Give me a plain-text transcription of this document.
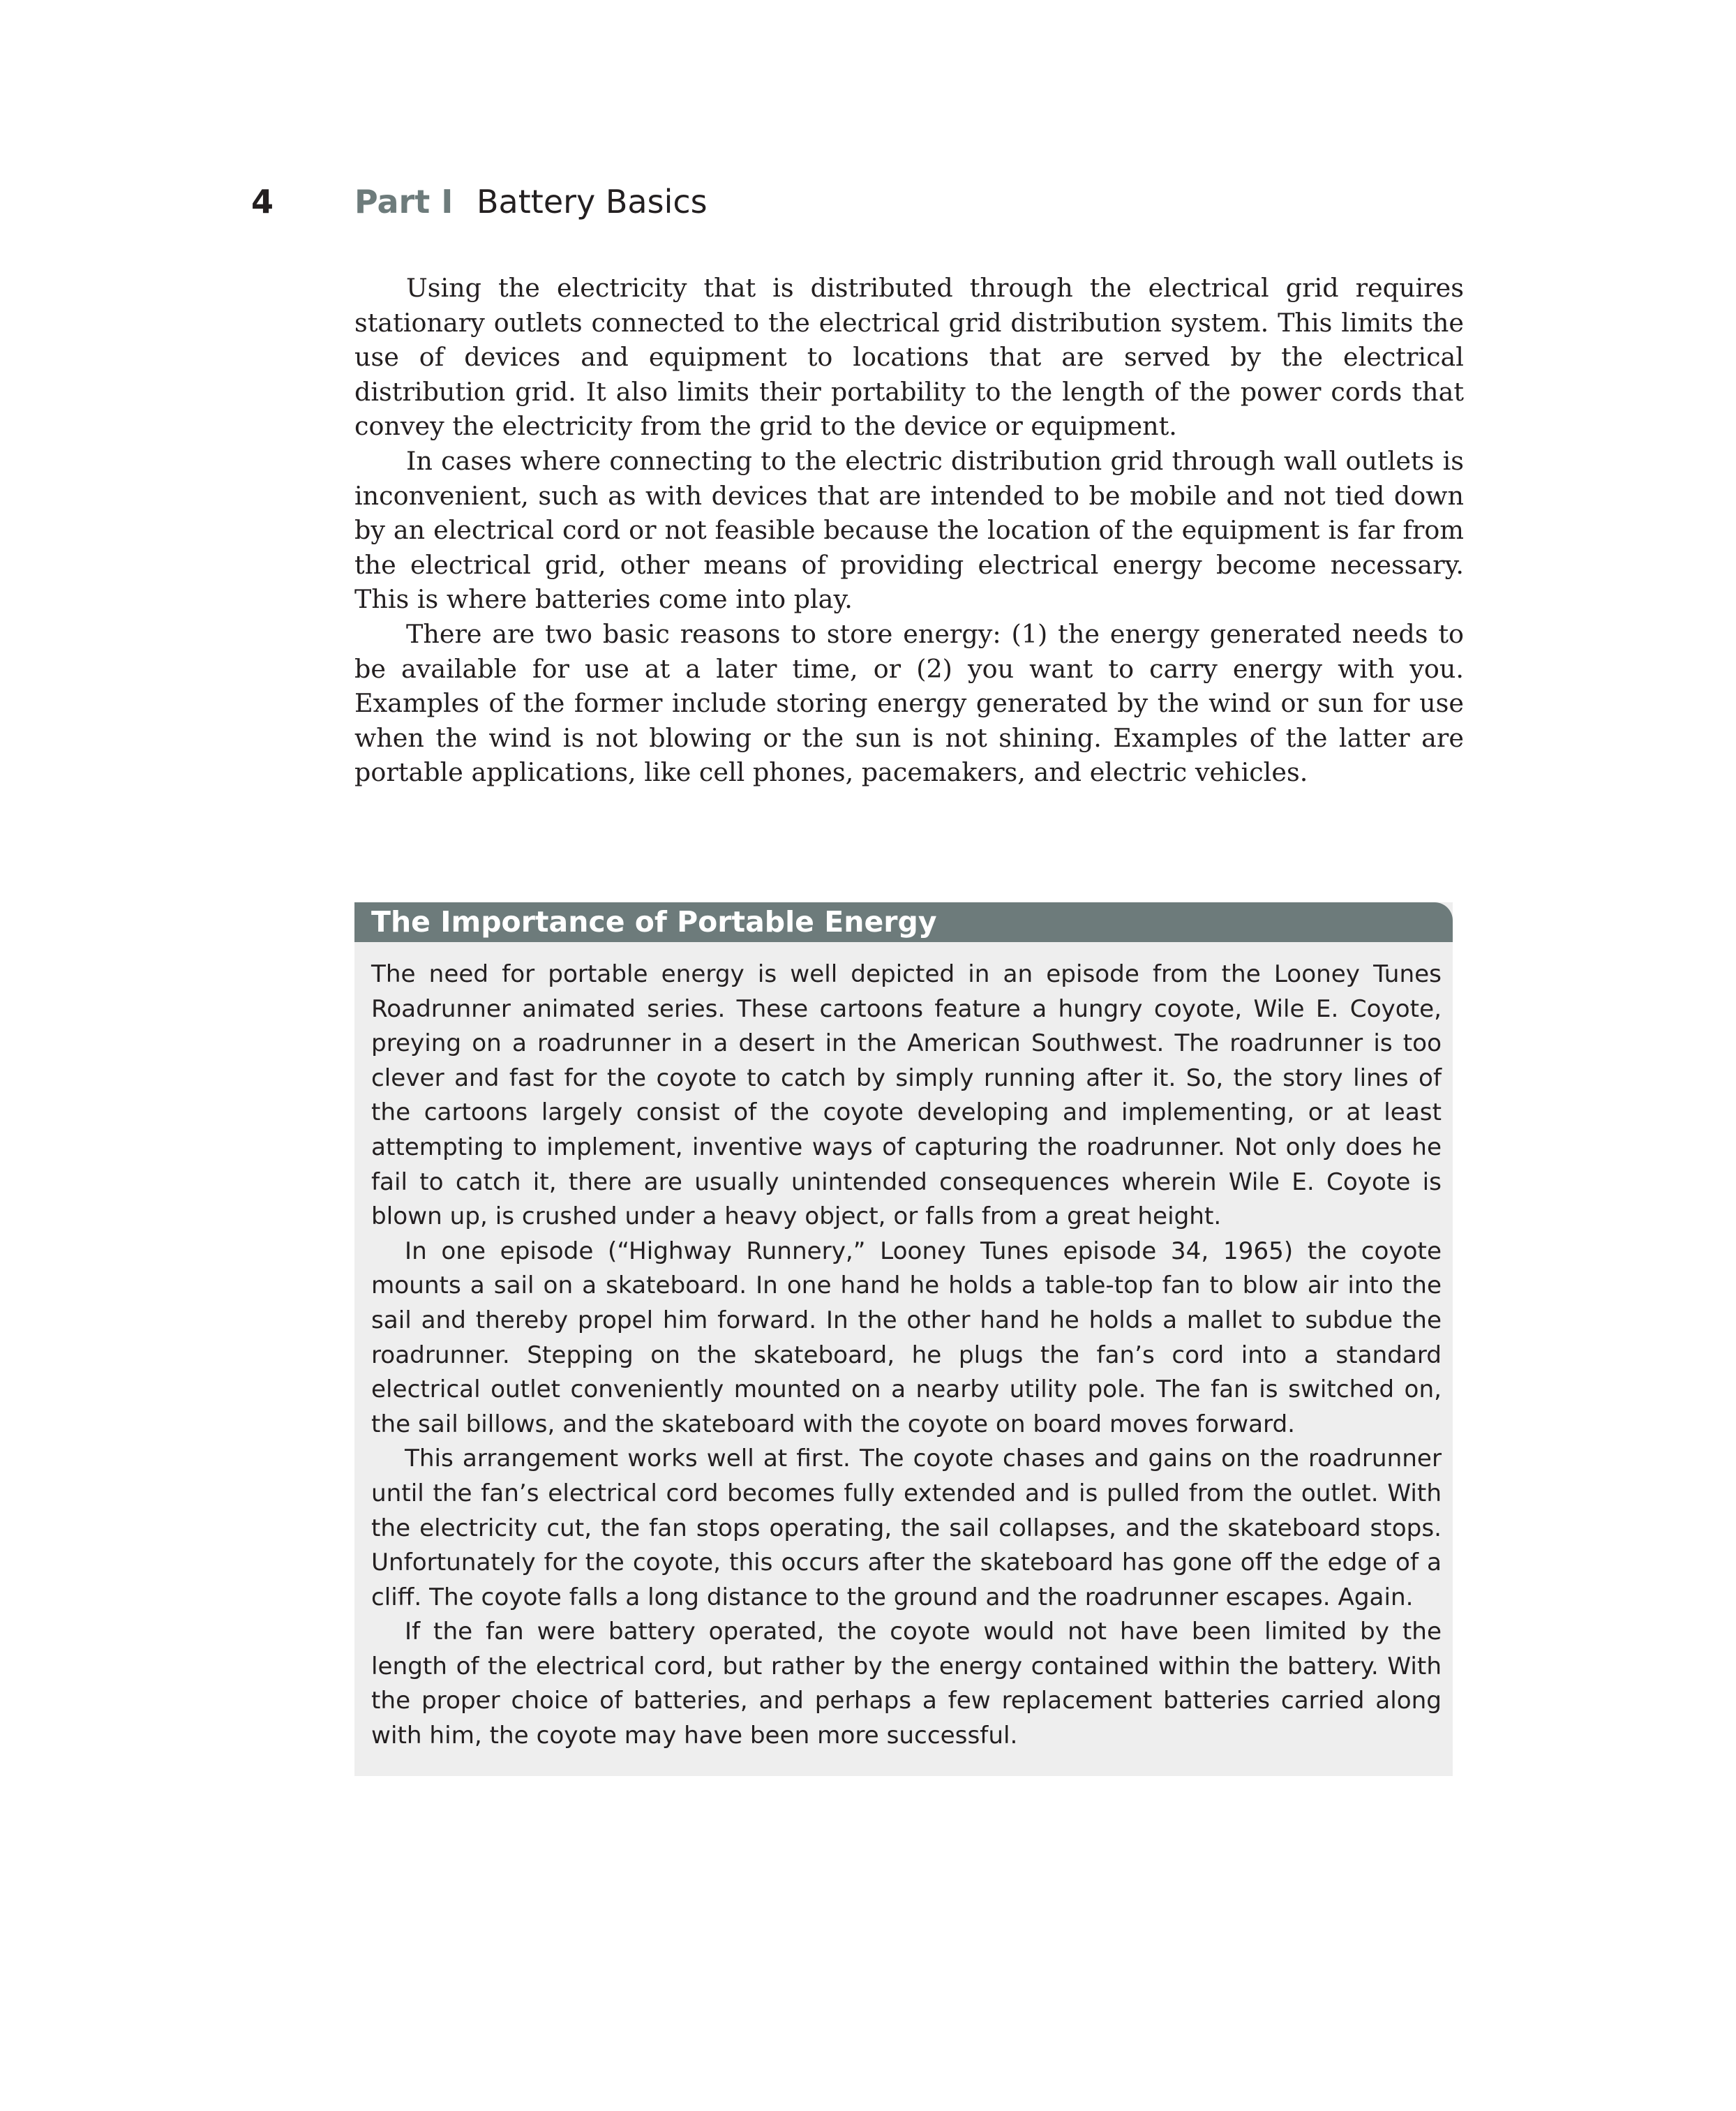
4	Part I Battery Basics

Using the electricity that is distributed through the electrical grid requires stationary outlets connected to the electrical grid distribution system. This limits the use of devices and equipment to locations that are served by the electrical distribution grid. It also limits their portability to the length of the power cords that convey the electricity from the grid to the device or equipment.

In cases where connecting to the electric distribution grid through wall outlets is inconvenient, such as with devices that are intended to be mobile and not tied down by an electrical cord or not feasible because the location of the equipment is far from the electrical grid, other means of providing electrical energy become necessary. This is where batteries come into play.

There are two basic reasons to store energy: (1) the energy generated needs to be available for use at a later time, or (2) you want to carry energy with you. Examples of the former include storing energy generated by the wind or sun for use when the wind is not blowing or the sun is not shining. Examples of the latter are portable applications, like cell phones, pacemakers, and electric vehicles.

The Importance of Portable Energy

The need for portable energy is well depicted in an episode from the Looney Tunes Roadrunner animated series. These cartoons feature a hungry coyote, Wile E. Coyote, preying on a roadrunner in a desert in the American Southwest. The roadrunner is too clever and fast for the coyote to catch by simply running after it. So, the story lines of the cartoons largely consist of the coyote developing and implementing, or at least attempting to implement, inventive ways of capturing the roadrunner. Not only does he fail to catch it, there are usually unintended consequences wherein Wile E. Coyote is blown up, is crushed under a heavy object, or falls from a great height.

In one episode (“Highway Runnery,” Looney Tunes episode 34, 1965) the coyote mounts a sail on a skateboard. In one hand he holds a table-top fan to blow air into the sail and thereby propel him forward. In the other hand he holds a mallet to subdue the roadrunner. Stepping on the skateboard, he plugs the fan’s cord into a standard electrical outlet conveniently mounted on a nearby utility pole. The fan is switched on, the sail billows, and the skateboard with the coyote on board moves forward.

This arrangement works well at first. The coyote chases and gains on the roadrunner until the fan’s electrical cord becomes fully extended and is pulled from the outlet. With the electricity cut, the fan stops operating, the sail collapses, and the skateboard stops. Unfortunately for the coyote, this occurs after the skateboard has gone off the edge of a cliff. The coyote falls a long distance to the ground and the roadrunner escapes. Again.

If the fan were battery operated, the coyote would not have been limited by the length of the electrical cord, but rather by the energy contained within the battery. With the proper choice of batteries, and perhaps a few replacement batteries carried along with him, the coyote may have been more successful.
